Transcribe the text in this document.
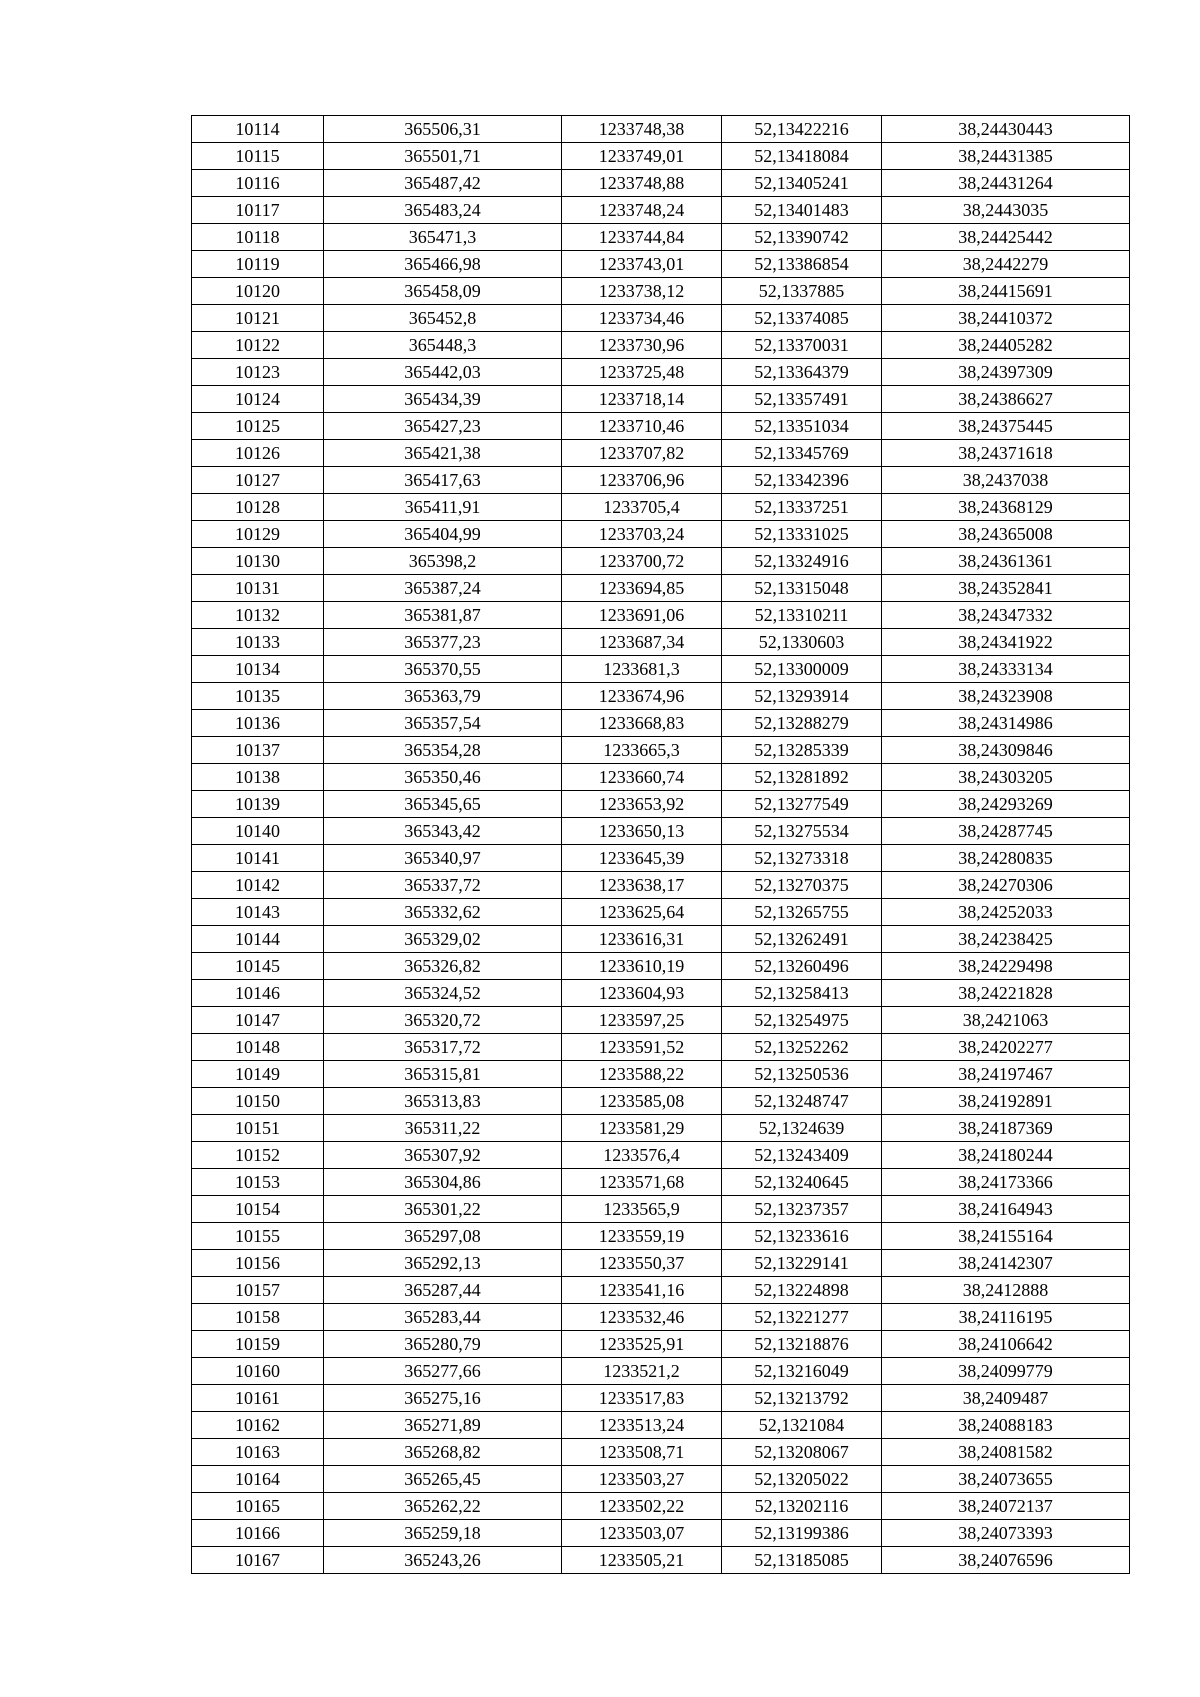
10114	365506,31	1233748,38	52,13422216	38,24430443
10115	365501,71	1233749,01	52,13418084	38,24431385
10116	365487,42	1233748,88	52,13405241	38,24431264
10117	365483,24	1233748,24	52,13401483	38,2443035
10118	365471,3	1233744,84	52,13390742	38,24425442
10119	365466,98	1233743,01	52,13386854	38,2442279
10120	365458,09	1233738,12	52,1337885	38,24415691
10121	365452,8	1233734,46	52,13374085	38,24410372
10122	365448,3	1233730,96	52,13370031	38,24405282
10123	365442,03	1233725,48	52,13364379	38,24397309
10124	365434,39	1233718,14	52,13357491	38,24386627
10125	365427,23	1233710,46	52,13351034	38,24375445
10126	365421,38	1233707,82	52,13345769	38,24371618
10127	365417,63	1233706,96	52,13342396	38,2437038
10128	365411,91	1233705,4	52,13337251	38,24368129
10129	365404,99	1233703,24	52,13331025	38,24365008
10130	365398,2	1233700,72	52,13324916	38,24361361
10131	365387,24	1233694,85	52,13315048	38,24352841
10132	365381,87	1233691,06	52,13310211	38,24347332
10133	365377,23	1233687,34	52,1330603	38,24341922
10134	365370,55	1233681,3	52,13300009	38,24333134
10135	365363,79	1233674,96	52,13293914	38,24323908
10136	365357,54	1233668,83	52,13288279	38,24314986
10137	365354,28	1233665,3	52,13285339	38,24309846
10138	365350,46	1233660,74	52,13281892	38,24303205
10139	365345,65	1233653,92	52,13277549	38,24293269
10140	365343,42	1233650,13	52,13275534	38,24287745
10141	365340,97	1233645,39	52,13273318	38,24280835
10142	365337,72	1233638,17	52,13270375	38,24270306
10143	365332,62	1233625,64	52,13265755	38,24252033
10144	365329,02	1233616,31	52,13262491	38,24238425
10145	365326,82	1233610,19	52,13260496	38,24229498
10146	365324,52	1233604,93	52,13258413	38,24221828
10147	365320,72	1233597,25	52,13254975	38,2421063
10148	365317,72	1233591,52	52,13252262	38,24202277
10149	365315,81	1233588,22	52,13250536	38,24197467
10150	365313,83	1233585,08	52,13248747	38,24192891
10151	365311,22	1233581,29	52,1324639	38,24187369
10152	365307,92	1233576,4	52,13243409	38,24180244
10153	365304,86	1233571,68	52,13240645	38,24173366
10154	365301,22	1233565,9	52,13237357	38,24164943
10155	365297,08	1233559,19	52,13233616	38,24155164
10156	365292,13	1233550,37	52,13229141	38,24142307
10157	365287,44	1233541,16	52,13224898	38,2412888
10158	365283,44	1233532,46	52,13221277	38,24116195
10159	365280,79	1233525,91	52,13218876	38,24106642
10160	365277,66	1233521,2	52,13216049	38,24099779
10161	365275,16	1233517,83	52,13213792	38,2409487
10162	365271,89	1233513,24	52,1321084	38,24088183
10163	365268,82	1233508,71	52,13208067	38,24081582
10164	365265,45	1233503,27	52,13205022	38,24073655
10165	365262,22	1233502,22	52,13202116	38,24072137
10166	365259,18	1233503,07	52,13199386	38,24073393
10167	365243,26	1233505,21	52,13185085	38,24076596
